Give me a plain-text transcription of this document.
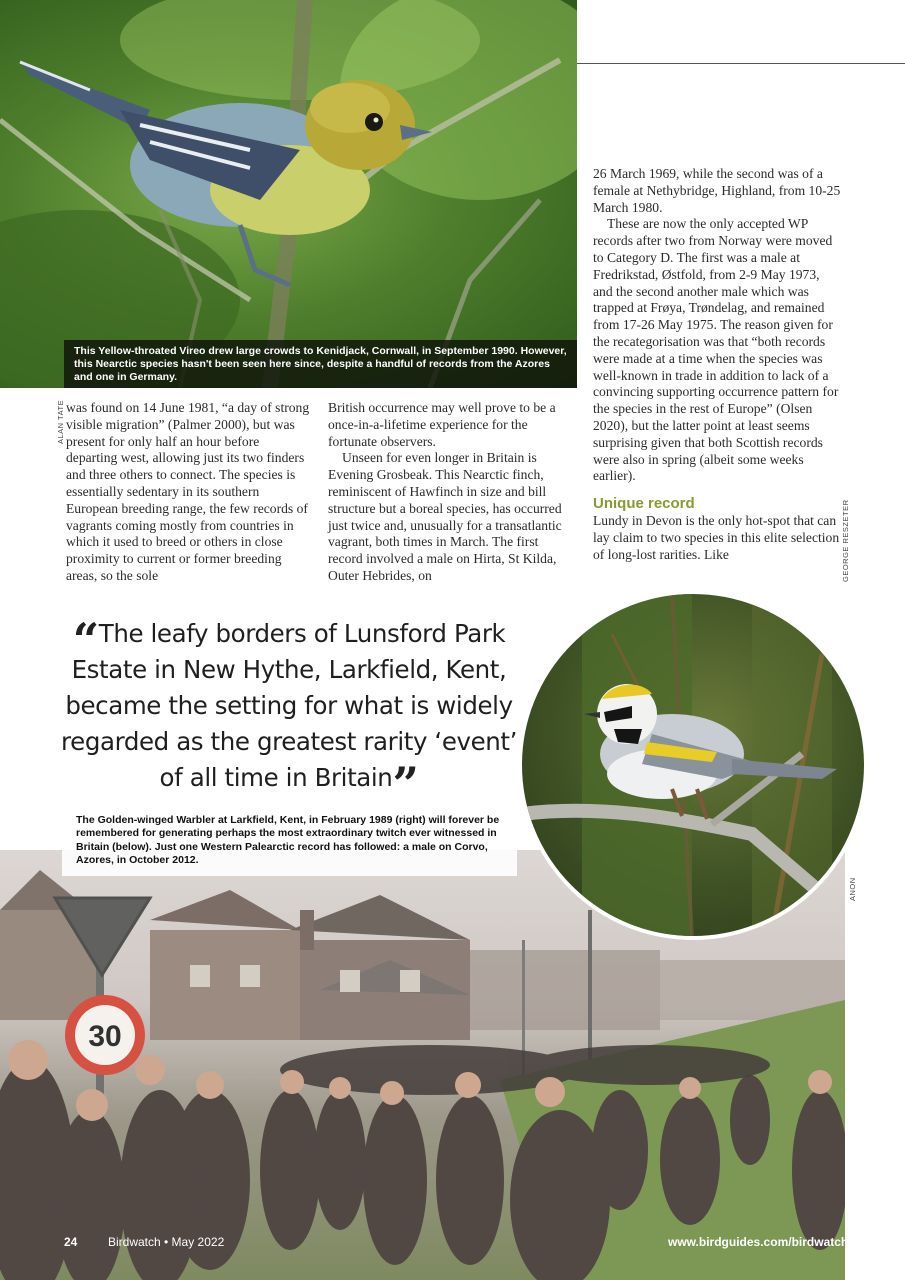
This Yellow-throated Vireo drew large crowds to Kenidjack, Cornwall, in September 1990. However, this Nearctic species hasn't been seen here since, despite a handful of records from the Azores and one in Germany.
ALAN TATE
GEORGE RESZETER
ANON

was found on 14 June 1981, “a day of strong visible migration” (Palmer 2000), but was present for only half an hour before departing west, allowing just its two finders and three others to connect. The species is essentially sedentary in its southern European breeding range, the few records of vagrants coming mostly from countries in which it used to breed or others in close proximity to current or former breeding areas, so the sole

British occurrence may well prove to be a once-in-a-lifetime experience for the fortunate observers.

Unseen for even longer in Britain is Evening Grosbeak. This Nearctic finch, reminiscent of Hawfinch in size and bill structure but a boreal species, has occurred just twice and, unusually for a transatlantic vagrant, both times in March. The first record involved a male on Hirta, St Kilda, Outer Hebrides, on

26 March 1969, while the second was of a female at Nethybridge, Highland, from 10-25 March 1980.

These are now the only accepted WP records after two from Norway were moved to Category D. The first was a male at Fredrikstad, Østfold, from 2-9 May 1973, and the second another male which was trapped at Frøya, Trøndelag, and remained from 17-26 May 1975. The reason given for the recategorisation was that “both records were made at a time when the species was well-known in trade in addition to lack of a convincing supporting occurrence pattern for the species in the rest of Europe” (Olsen 2020), but the latter point at least seems surprising given that both Scottish records were also in spring (albeit some weeks earlier).

Unique record

Lundy in Devon is the only hot-spot that can lay claim to two species in this elite selection of long-lost rarities. Like

30
The Golden-winged Warbler at Larkfield, Kent, in February 1989 (right) will forever be remembered for generating perhaps the most extraordinary twitch ever witnessed in Britain (below). Just one Western Palearctic record has followed: a male on Corvo, Azores, in October 2012.
“The leafy borders of Lunsford Park Estate in New Hythe, Larkfield, Kent, became the setting for what is widely regarded as the greatest rarity ‘event’ of all time in Britain”
24	Birdwatch • May 2022	www.birdguides.com/birdwatch
